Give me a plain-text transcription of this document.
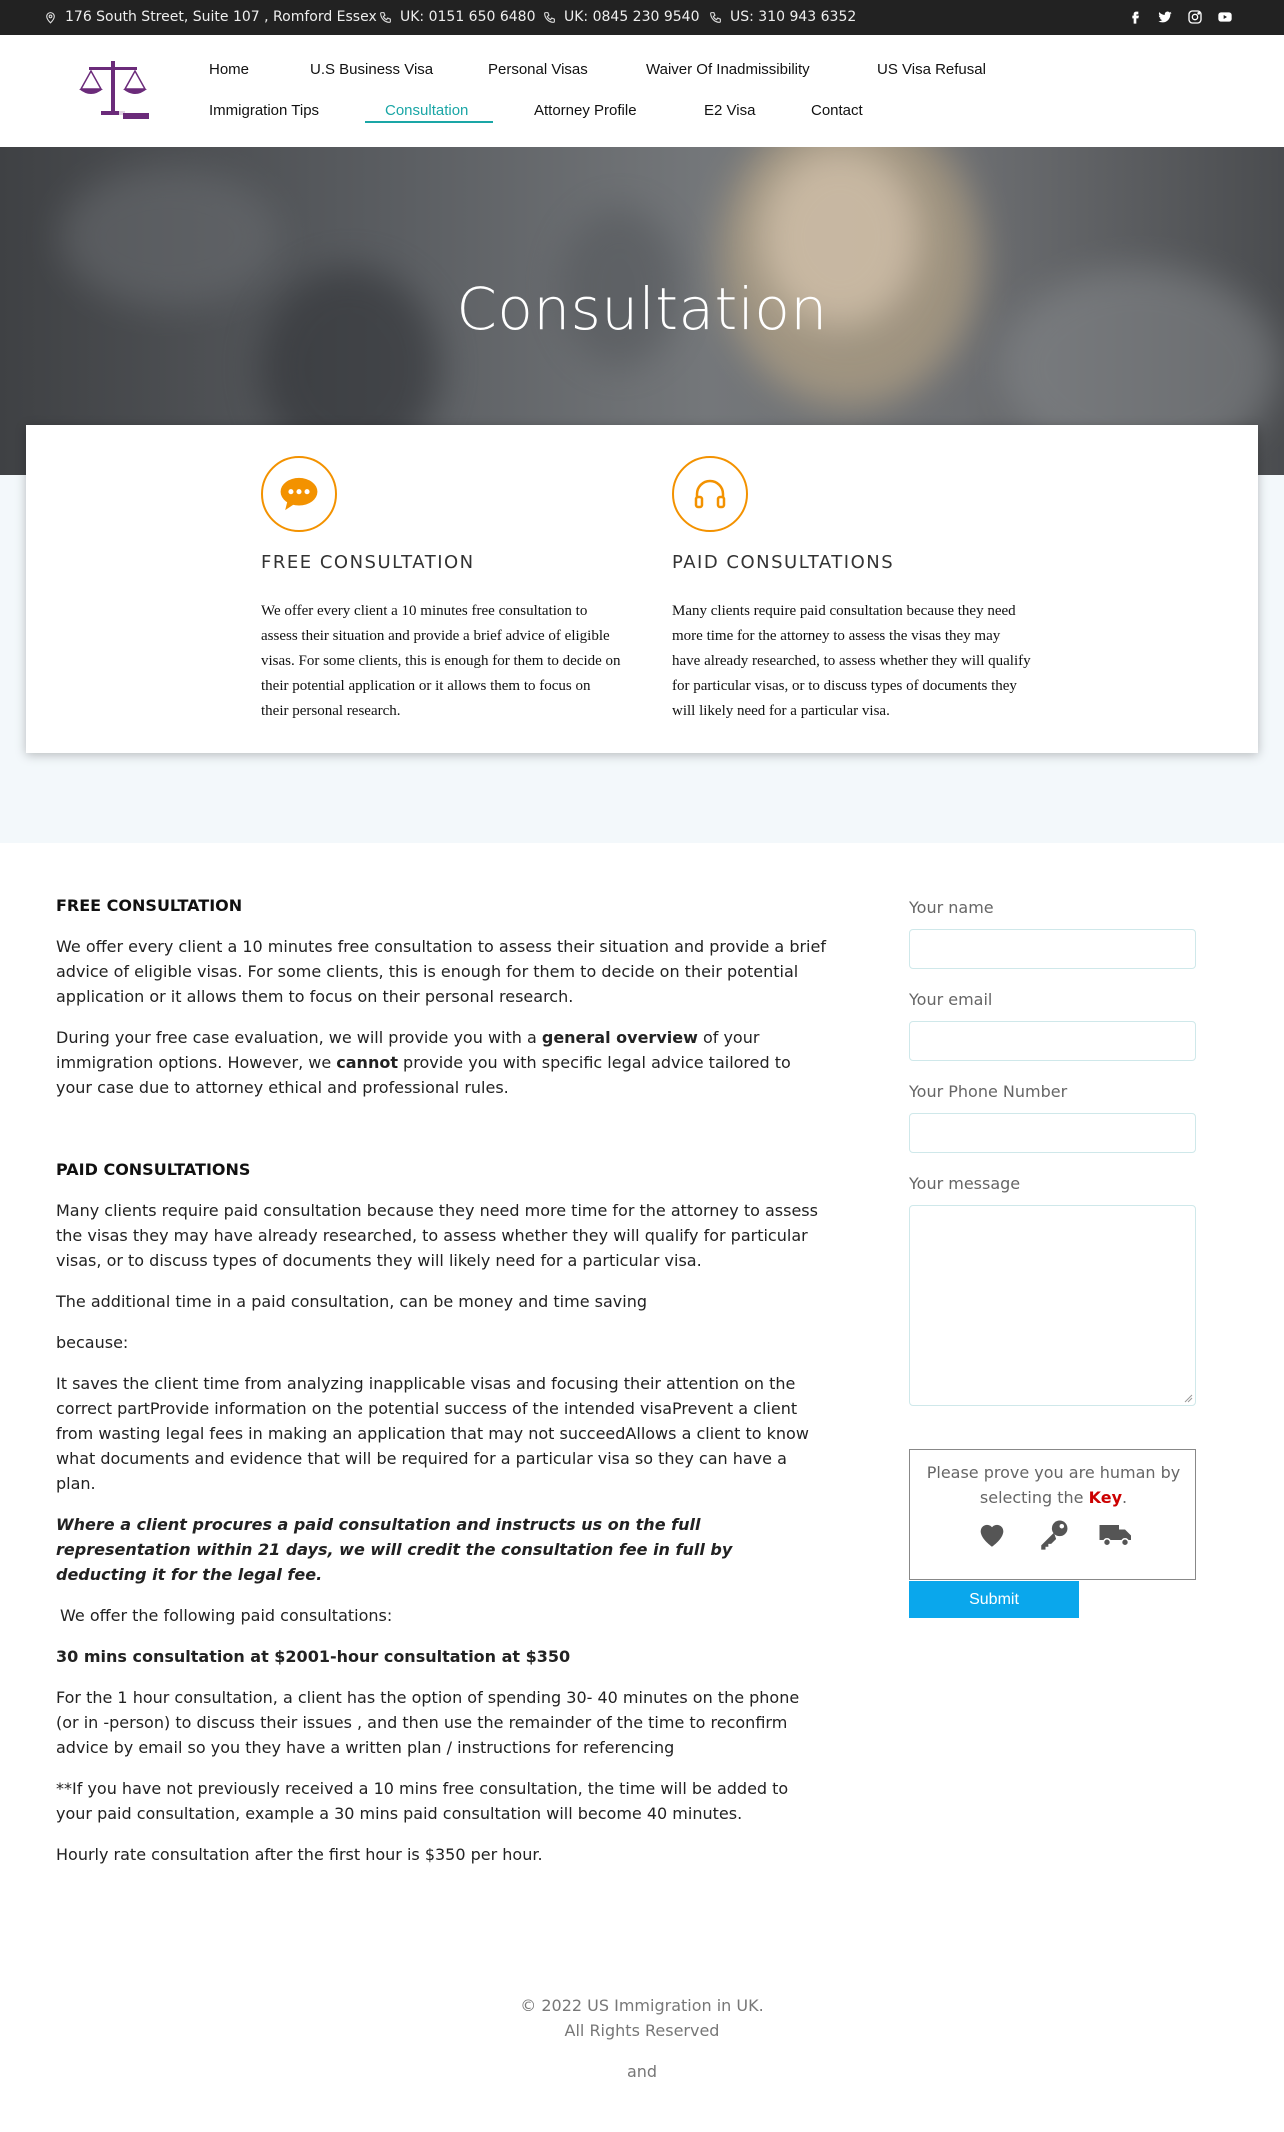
176 South Street, Suite 107 , Romford Essex UK: 0151 650 6480 UK: 0845 230 9540 US: 310 943 6352
Home	U.S Business Visa	Personal Visas	Waiver Of Inadmissibility	US Visa Refusal
Immigration Tips	Consultation	Attorney Profile	E2 Visa	Contact
Consultation
FREE CONSULTATION
We offer every client a 10 minutes free consultation to assess their situation and provide a brief advice of eligible visas. For some clients, this is enough for them to decide on their potential application or it allows them to focus on their personal research.
PAID CONSULTATIONS
Many clients require paid consultation because they need more time for the attorney to assess the visas they may have already researched, to assess whether they will qualify for particular visas, or to discuss types of documents they will likely need for a particular visa.
FREE CONSULTATION

We offer every client a 10 minutes free consultation to assess their situation and provide a brief advice of eligible visas. For some clients, this is enough for them to decide on their potential application or it allows them to focus on their personal research.

During your free case evaluation, we will provide you with a general overview of your immigration options. However, we cannot provide you with specific legal advice tailored to your case due to attorney ethical and professional rules.

PAID CONSULTATIONS

Many clients require paid consultation because they need more time for the attorney to assess the visas they may have already researched, to assess whether they will qualify for particular visas, or to discuss types of documents they will likely need for a particular visa.

The additional time in a paid consultation, can be money and time saving

because:

It saves the client time from analyzing inapplicable visas and focusing their attention on the correct partProvide information on the potential success of the intended visaPrevent a client from wasting legal fees in making an application that may not succeedAllows a client to know what documents and evidence that will be required for a particular visa so they can have a plan.

Where a client procures a paid consultation and instructs us on the full representation within 21 days, we will credit the consultation fee in full by deducting it for the legal fee.

We offer the following paid consultations:

30 mins consultation at $2001-hour consultation at $350

For the 1 hour consultation, a client has the option of spending 30- 40 minutes on the phone (or in -person) to discuss their issues , and then use the remainder of the time to reconfirm advice by email so you they have a written plan / instructions for referencing

**If you have not previously received a 10 mins free consultation, the time will be added to your paid consultation, example a 30 mins paid consultation will become 40 minutes.

Hourly rate consultation after the first hour is $350 per hour.

Your name
Your email
Your Phone Number
Your message
Please prove you are human by selecting the Key.
Submit
© 2022 US Immigration in UK.
All Rights Reserved
and
